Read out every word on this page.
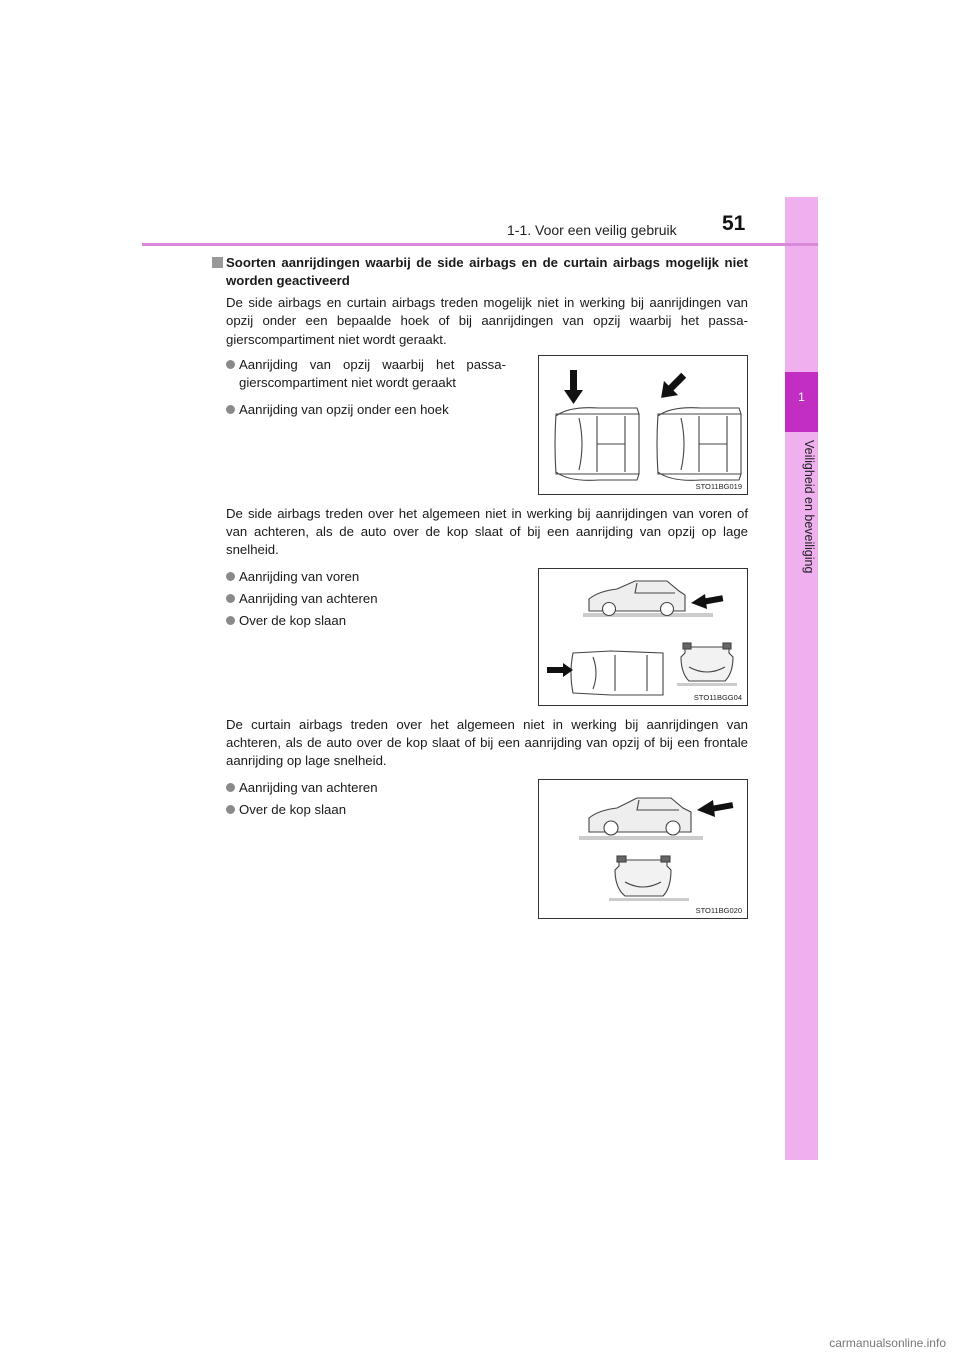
1
Veiligheid en beveiliging
1-1. Voor een veilig gebruik 51

Soorten aanrijdingen waarbij de side airbags en de curtain airbags mogelijk niet worden geactiveerd

De side airbags en curtain airbags treden mogelijk niet in werking bij aanrijdingen van opzij onder een bepaalde hoek of bij aanrijdingen van opzij waarbij het passa- gierscompartiment niet wordt geraakt.

Aanrijding van opzij waarbij het passa- gierscompartiment niet wordt geraakt
Aanrijding van opzij onder een hoek
STO11BG019

De side airbags treden over het algemeen niet in werking bij aanrijdingen van voren of van achteren, als de auto over de kop slaat of bij een aanrijding van opzij op lage snelheid.

Aanrijding van voren
Aanrijding van achteren
Over de kop slaan
STO11BGG04

De curtain airbags treden over het algemeen niet in werking bij aanrijdingen van achteren, als de auto over de kop slaat of bij een aanrijding van opzij of bij een frontale aanrijding op lage snelheid.

Aanrijding van achteren
Over de kop slaan
STO11BG020
carmanualsonline.info
